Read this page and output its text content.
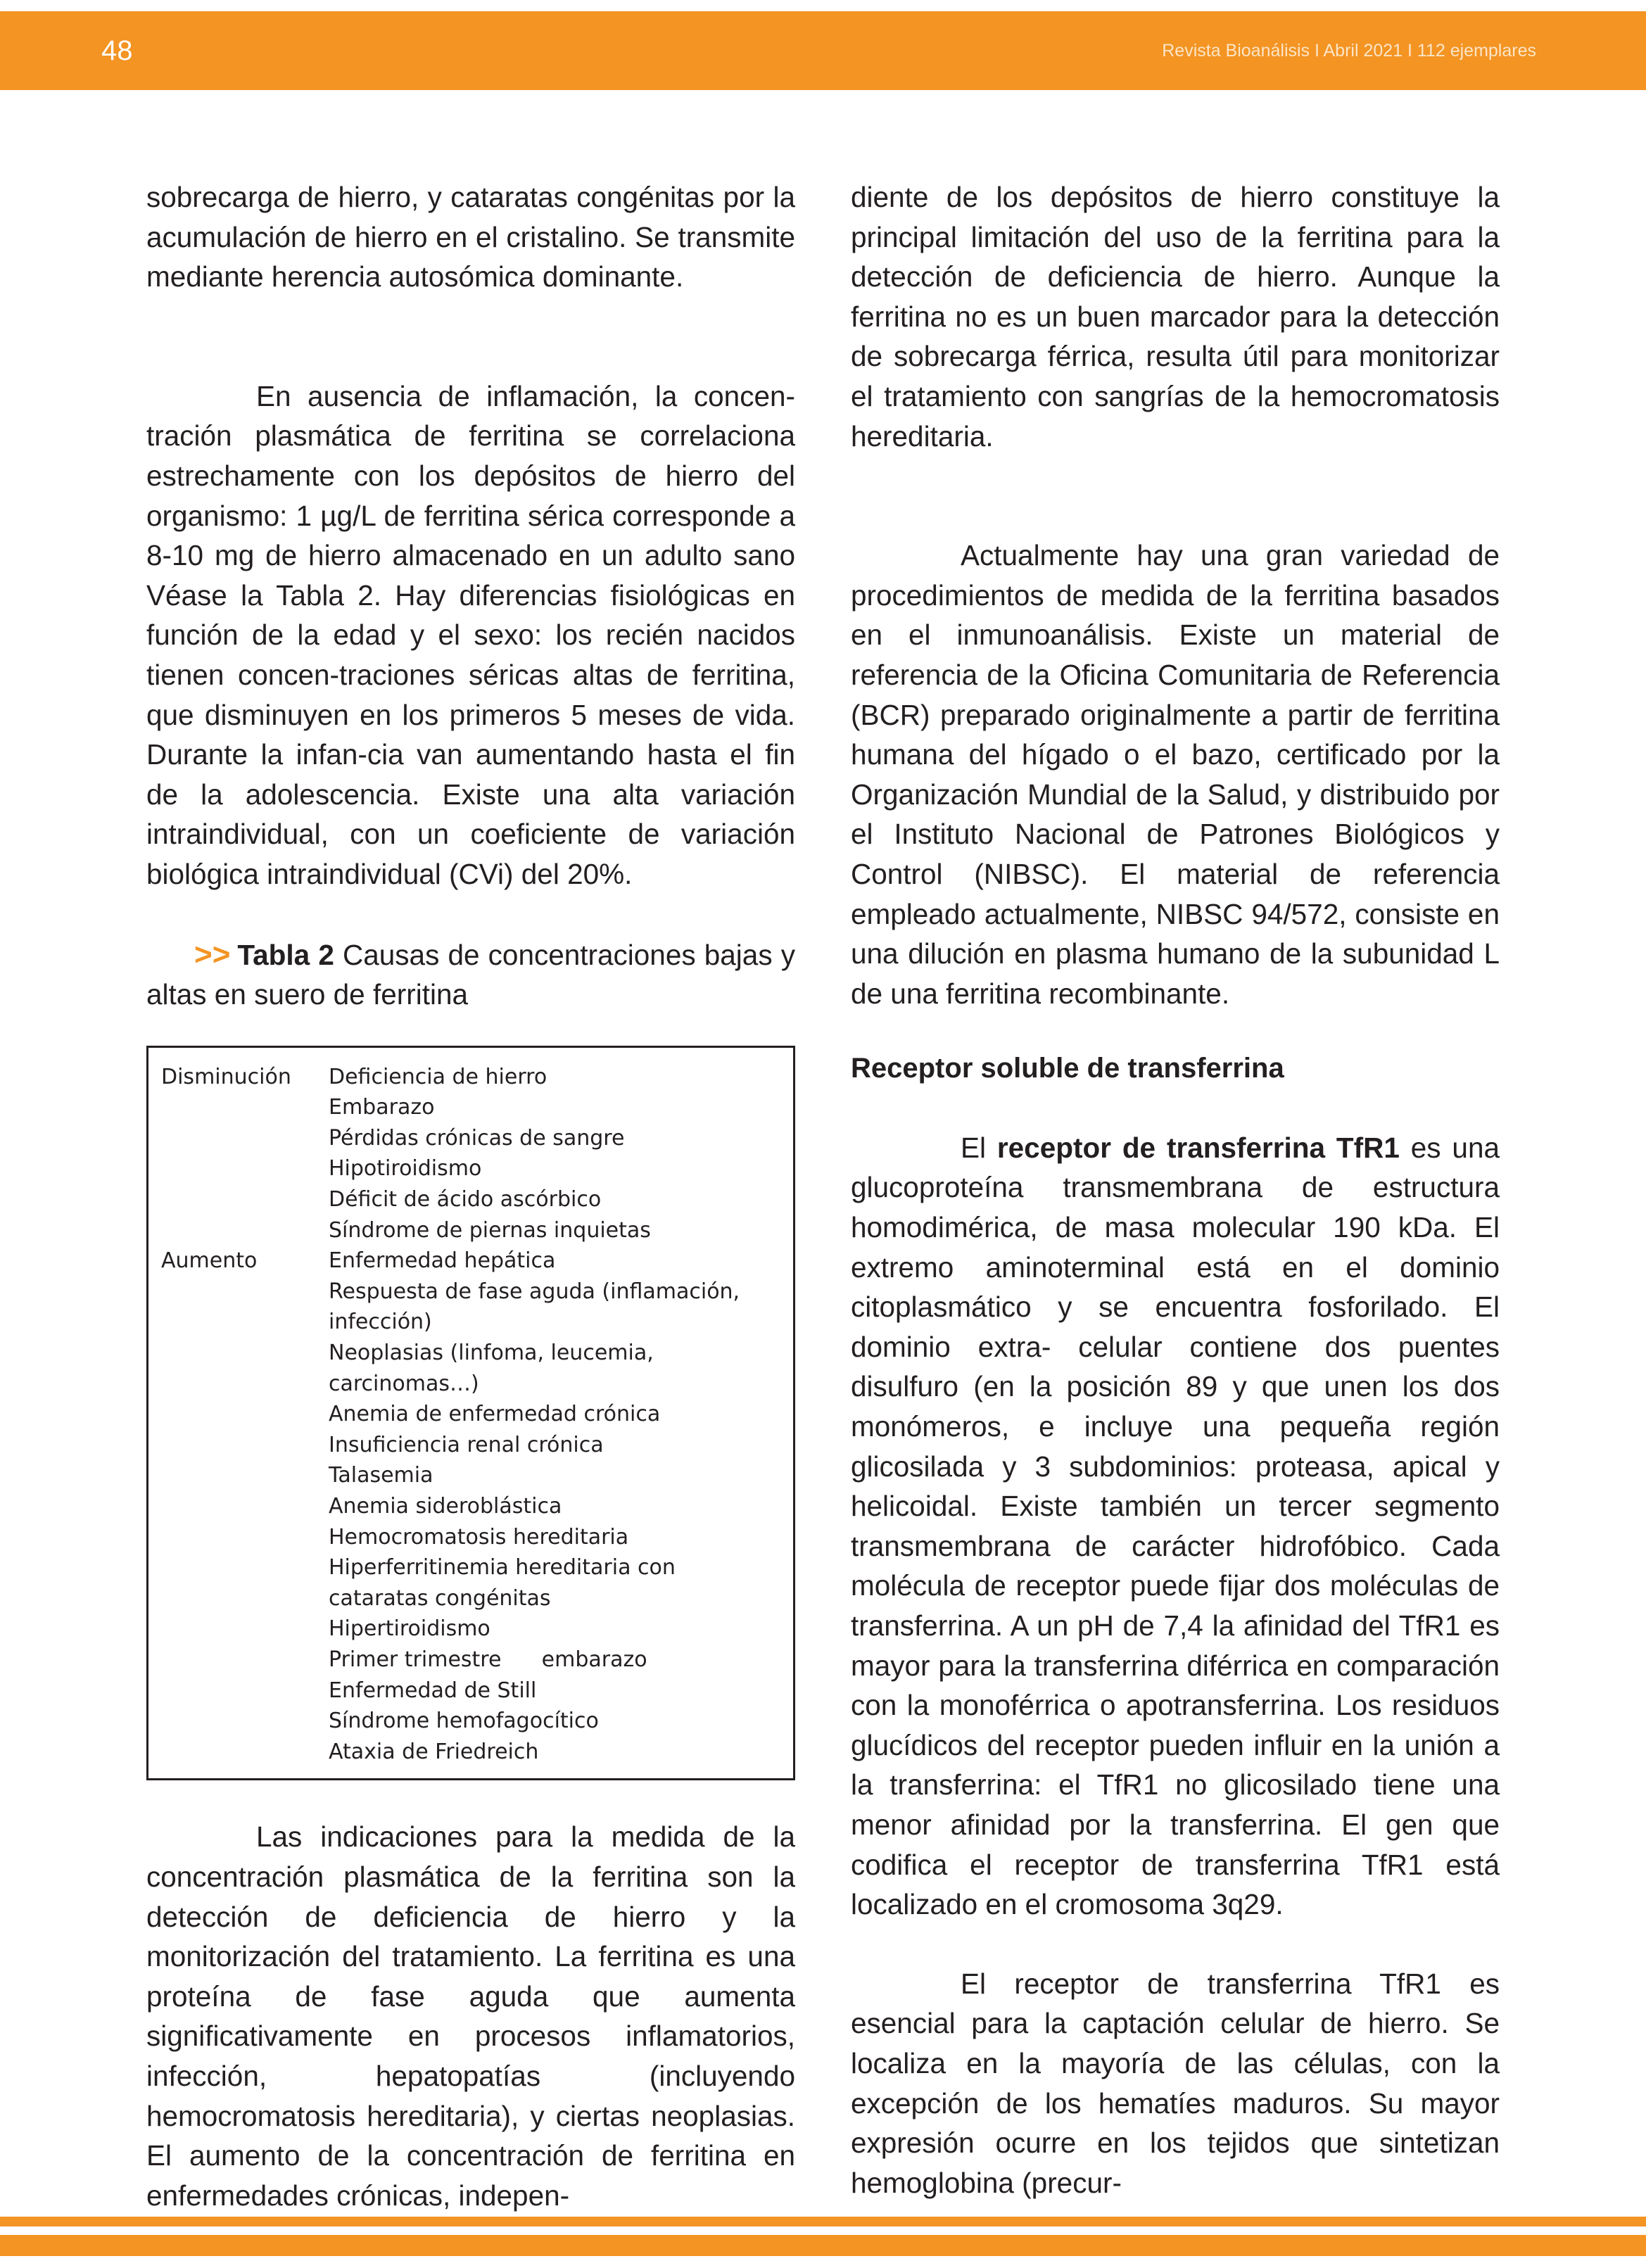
48	Revista Bioanálisis I Abril 2021 I 112 ejemplares

sobrecarga de hierro, y cataratas congénitas por la acumulación de hierro en el cristalino. Se transmite mediante herencia autosómica dominante.

En ausencia de inflamación, la concen-tración plasmática de ferritina se correlaciona estrechamente con los depósitos de hierro del organismo: 1 µg/L de ferritina sérica corresponde a 8-10 mg de hierro almacenado en un adulto sano Véase la Tabla 2. Hay diferencias fisiológicas en función de la edad y el sexo: los recién nacidos tienen concen-traciones séricas altas de ferritina, que disminuyen en los primeros 5 meses de vida. Durante la infan-cia van aumentando hasta el fin de la adolescencia. Existe una alta variación intraindividual, con un coeficiente de variación biológica intraindividual (CVi) del 20%.

>> Tabla 2 Causas de concentraciones bajas y altas en suero de ferritina

Disminución	Deficiencia de hierro
Embarazo
Pérdidas crónicas de sangre
Hipotiroidismo
Déficit de ácido ascórbico
Síndrome de piernas inquietas
Aumento	Enfermedad hepática
Respuesta de fase aguda (inflamación, infección)
Neoplasias (linfoma, leucemia, carcinomas…)
Anemia de enfermedad crónica
Insuficiencia renal crónica
Talasemia
Anemia sideroblástica
Hemocromatosis hereditaria
Hiperferritinemia hereditaria con cataratas congénitas
Hipertiroidismo
Primer trimestre      embarazo
Enfermedad de Still
Síndrome hemofagocítico
Ataxia de Friedreich

Las indicaciones para la medida de la concentración plasmática de la ferritina son la detección de deficiencia de hierro y la monitorización del tratamiento. La ferritina es una proteína de fase aguda que aumenta significativamente en procesos inflamatorios, infección, hepatopatías (incluyendo hemocromatosis hereditaria), y ciertas neoplasias. El aumento de la concentración de ferritina en enfermedades crónicas, indepen-

diente de los depósitos de hierro constituye la principal limitación del uso de la ferritina para la detección de deficiencia de hierro. Aunque la ferritina no es un buen marcador para la detección de sobrecarga férrica, resulta útil para monitorizar el tratamiento con sangrías de la hemocromatosis hereditaria.

Actualmente hay una gran variedad de procedimientos de medida de la ferritina basados en el inmunoanálisis. Existe un material de referencia de la Oficina Comunitaria de Referencia (BCR) preparado originalmente a partir de ferritina humana del hígado o el bazo, certificado por la Organización Mundial de la Salud, y distribuido por el Instituto Nacional de Patrones Biológicos y Control (NIBSC). El material de referencia empleado actualmente, NIBSC 94/572, consiste en una dilución en plasma humano de la subunidad L de una ferritina recombinante.

Receptor soluble de transferrina

El receptor de transferrina TfR1 es una glucoproteína transmembrana de estructura homodimérica, de masa molecular 190 kDa. El extremo aminoterminal está en el dominio citoplasmático y se encuentra fosforilado. El dominio extra- celular contiene dos puentes disulfuro (en la posición 89 y que unen los dos monómeros, e incluye una pequeña región glicosilada y 3 subdominios: proteasa, apical y helicoidal. Existe también un tercer segmento transmembrana de carácter hidrofóbico. Cada molécula de receptor puede fijar dos moléculas de transferrina. A un pH de 7,4 la afinidad del TfR1 es mayor para la transferrina diférrica en comparación con la monoférrica o apotransferrina. Los residuos glucídicos del receptor pueden influir en la unión a la transferrina: el TfR1 no glicosilado tiene una menor afinidad por la transferrina. El gen que codifica el receptor de transferrina TfR1 está localizado en el cromosoma 3q29.

El receptor de transferrina TfR1 es esencial para la captación celular de hierro. Se localiza en la mayoría de las células, con la excepción de los hematíes maduros. Su mayor expresión ocurre en los tejidos que sintetizan hemoglobina (precur-
